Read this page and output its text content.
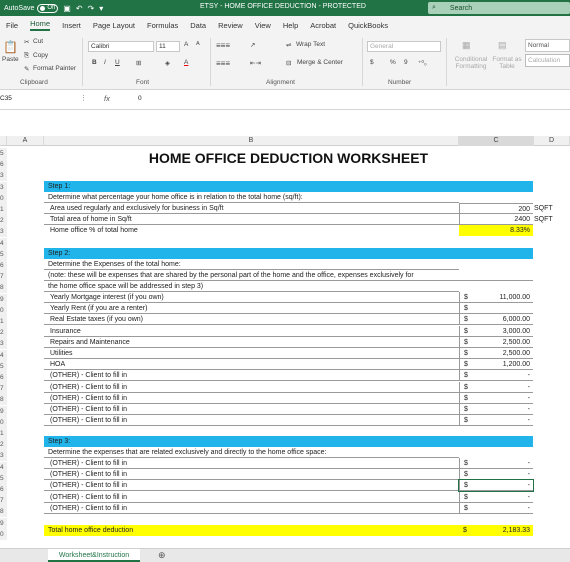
AutoSave Off ▣ ↶ ↷ ▾	ETSY - HOME OFFICE DEDUCTION - PROTECTED	⌕ Search
File Home Insert Page Layout Formulas Data Review View Help Acrobat QuickBooks
📋
Paste
✂ Cut
⎘ Copy
✎ Format Painter
Clipboard
Calibri	11	A A
B I U	⊞	◈ A
Font
≡≡≡	↗	⇌ Wrap Text
≡≡≡	⇤⇥	⊟ Merge & Center
Alignment
General
$	% 9 ⁺⁰₀
Number
▦
Conditional Formatting
▤
Format as Table
Normal
Calculation
C35	⋮ fx	0
A	B	C	D
5
6
3
3
0
1
2
3
4
5
6
7
8
9
0
1
2
3
4
5
6
7
8
9
0
1
2
3
4
5
6
7
8
9
0
HOME OFFICE DEDUCTION WORKSHEET
Step 1:
Determine what percentage your home office is in relation to the total home (sq/ft):
Area used regularly and exclusively for business in Sq/ft	200 SQFT
Total area of home in Sq/ft	2400 SQFT
Home office % of total home	8.33%
Step 2:
Determine the Expenses of the total home:
(note: these will be expenses that are shared by the personal part of the home and the office, expenses exclusively for
the home office space will be addressed in step 3)
Yearly Mortgage interest (if you own)	$	11,000.00
Yearly Rent (if you are a renter)	$
Real Estate taxes (if you own)	$	6,000.00
Insurance	$	3,000.00
Repairs and Maintenance	$	2,500.00
Utilities	$	2,500.00
HOA	$	1,200.00
(OTHER) - Client to fill in	$	-
(OTHER) - Client to fill in	$	-
(OTHER) - Client to fill in	$	-
(OTHER) - Client to fill in	$	-
(OTHER) - Client to fill in	$	-
Step 3:
Determine the expenses that are related exclusively and directly to the home office space:
(OTHER) - Client to fill in	$	-
(OTHER) - Client to fill in	$	-
(OTHER) - Client to fill in	$	-
(OTHER) - Client to fill in	$	-
(OTHER) - Client to fill in	$	-
Total home office deduction	$	2,183.33
Worksheet&Instruction	⊕
